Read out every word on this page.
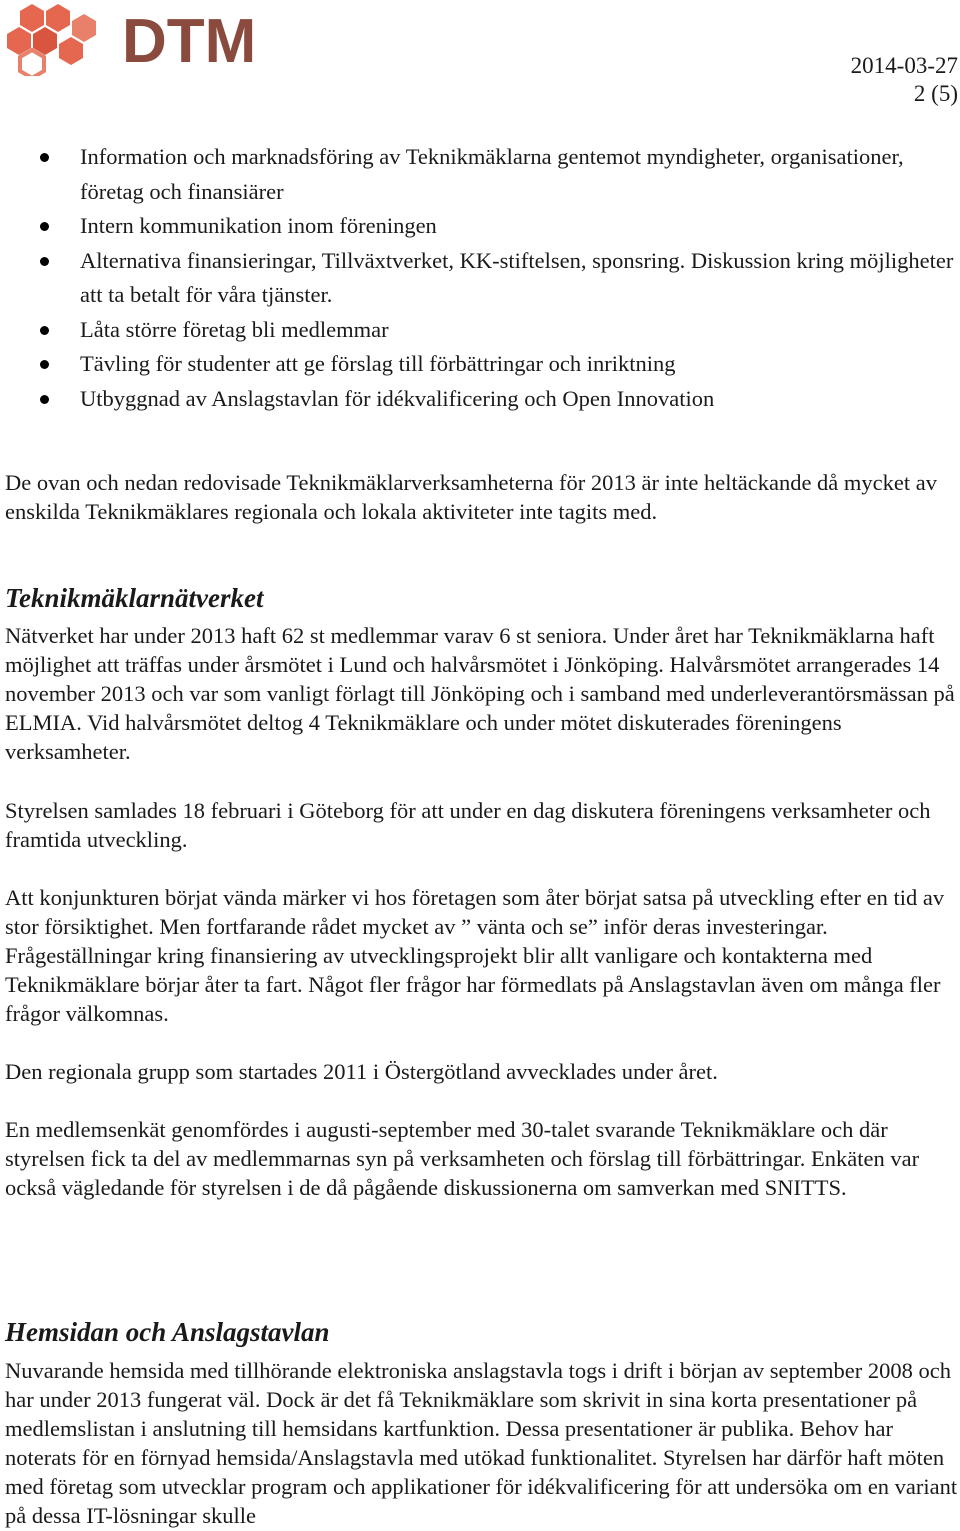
DTM	2014-03-27
2 (5)
Information och marknadsföring av Teknikmäklarna gentemot myndigheter, organisationer, företag och finansiärer
Intern kommunikation inom föreningen
Alternativa finansieringar, Tillväxtverket, KK-stiftelsen, sponsring. Diskussion kring möjligheter att ta betalt för våra tjänster.
Låta större företag bli medlemmar
Tävling för studenter att ge förslag till förbättringar och inriktning
Utbyggnad av Anslagstavlan för idékvalificering och Open Innovation

De ovan och nedan redovisade Teknikmäklarverksamheterna för 2013 är inte heltäckande då mycket av enskilda Teknikmäklares regionala och lokala aktiviteter inte tagits med.

Teknikmäklarnätverket

Nätverket har under 2013 haft 62 st medlemmar varav 6 st seniora. Under året har Teknikmäklarna haft möjlighet att träffas under årsmötet i Lund och halvårsmötet i Jönköping. Halvårsmötet arrangerades 14 november 2013 och var som vanligt förlagt till Jönköping och i samband med underleverantörsmässan på ELMIA. Vid halvårsmötet deltog 4 Teknikmäklare och under mötet diskuterades föreningens verksamheter.

Styrelsen samlades 18 februari i Göteborg för att under en dag diskutera föreningens verksamheter och framtida utveckling.

Att konjunkturen börjat vända märker vi hos företagen som åter börjat satsa på utveckling efter en tid av stor försiktighet. Men fortfarande rådet mycket av ” vänta och se” inför deras investeringar. Frågeställningar kring finansiering av utvecklingsprojekt blir allt vanligare och kontakterna med Teknikmäklare börjar åter ta fart. Något fler frågor har förmedlats på Anslagstavlan även om många fler frågor välkomnas.

Den regionala grupp som startades 2011 i Östergötland avvecklades under året.

En medlemsenkät genomfördes i augusti-september med 30-talet svarande Teknikmäklare och där styrelsen fick ta del av medlemmarnas syn på verksamheten och förslag till förbättringar. Enkäten var också vägledande för styrelsen i de då pågående diskussionerna om samverkan med SNITTS.

Hemsidan och Anslagstavlan

Nuvarande hemsida med tillhörande elektroniska anslagstavla togs i drift i början av september 2008 och har under 2013 fungerat väl. Dock är det få Teknikmäklare som skrivit in sina korta presentationer på medlemslistan i anslutning till hemsidans kartfunktion. Dessa presentationer är publika. Behov har noterats för en förnyad hemsida/Anslagstavla med utökad funktionalitet. Styrelsen har därför haft möten med företag som utvecklar program och applikationer för idékvalificering för att undersöka om en variant på dessa IT-lösningar skulle
